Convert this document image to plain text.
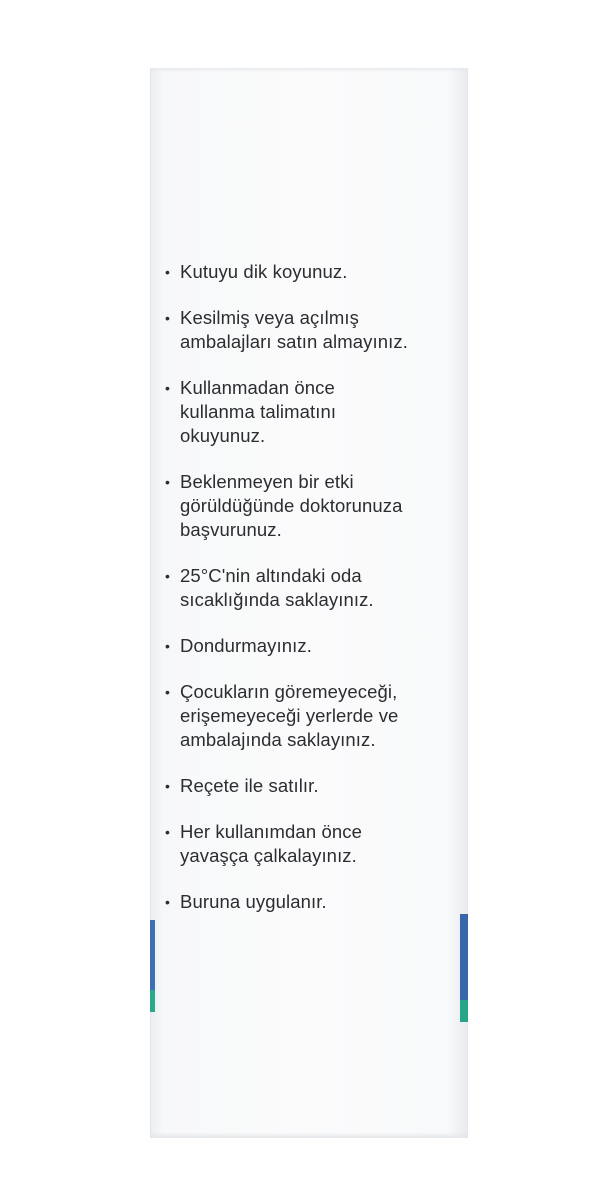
• Kutuyu dik koyunuz.
• Kesilmiş veya açılmış
ambalajları satın almayınız.
• Kullanmadan önce
kullanma talimatını
okuyunuz.
• Beklenmeyen bir etki
görüldüğünde doktorunuza
başvurunuz.
• 25°C'nin altındaki oda
sıcaklığında saklayınız.
• Dondurmayınız.
• Çocukların göremeyeceği,
erişemeyeceği yerlerde ve
ambalajında saklayınız.
• Reçete ile satılır.
• Her kullanımdan önce
yavaşça çalkalayınız.
• Buruna uygulanır.
